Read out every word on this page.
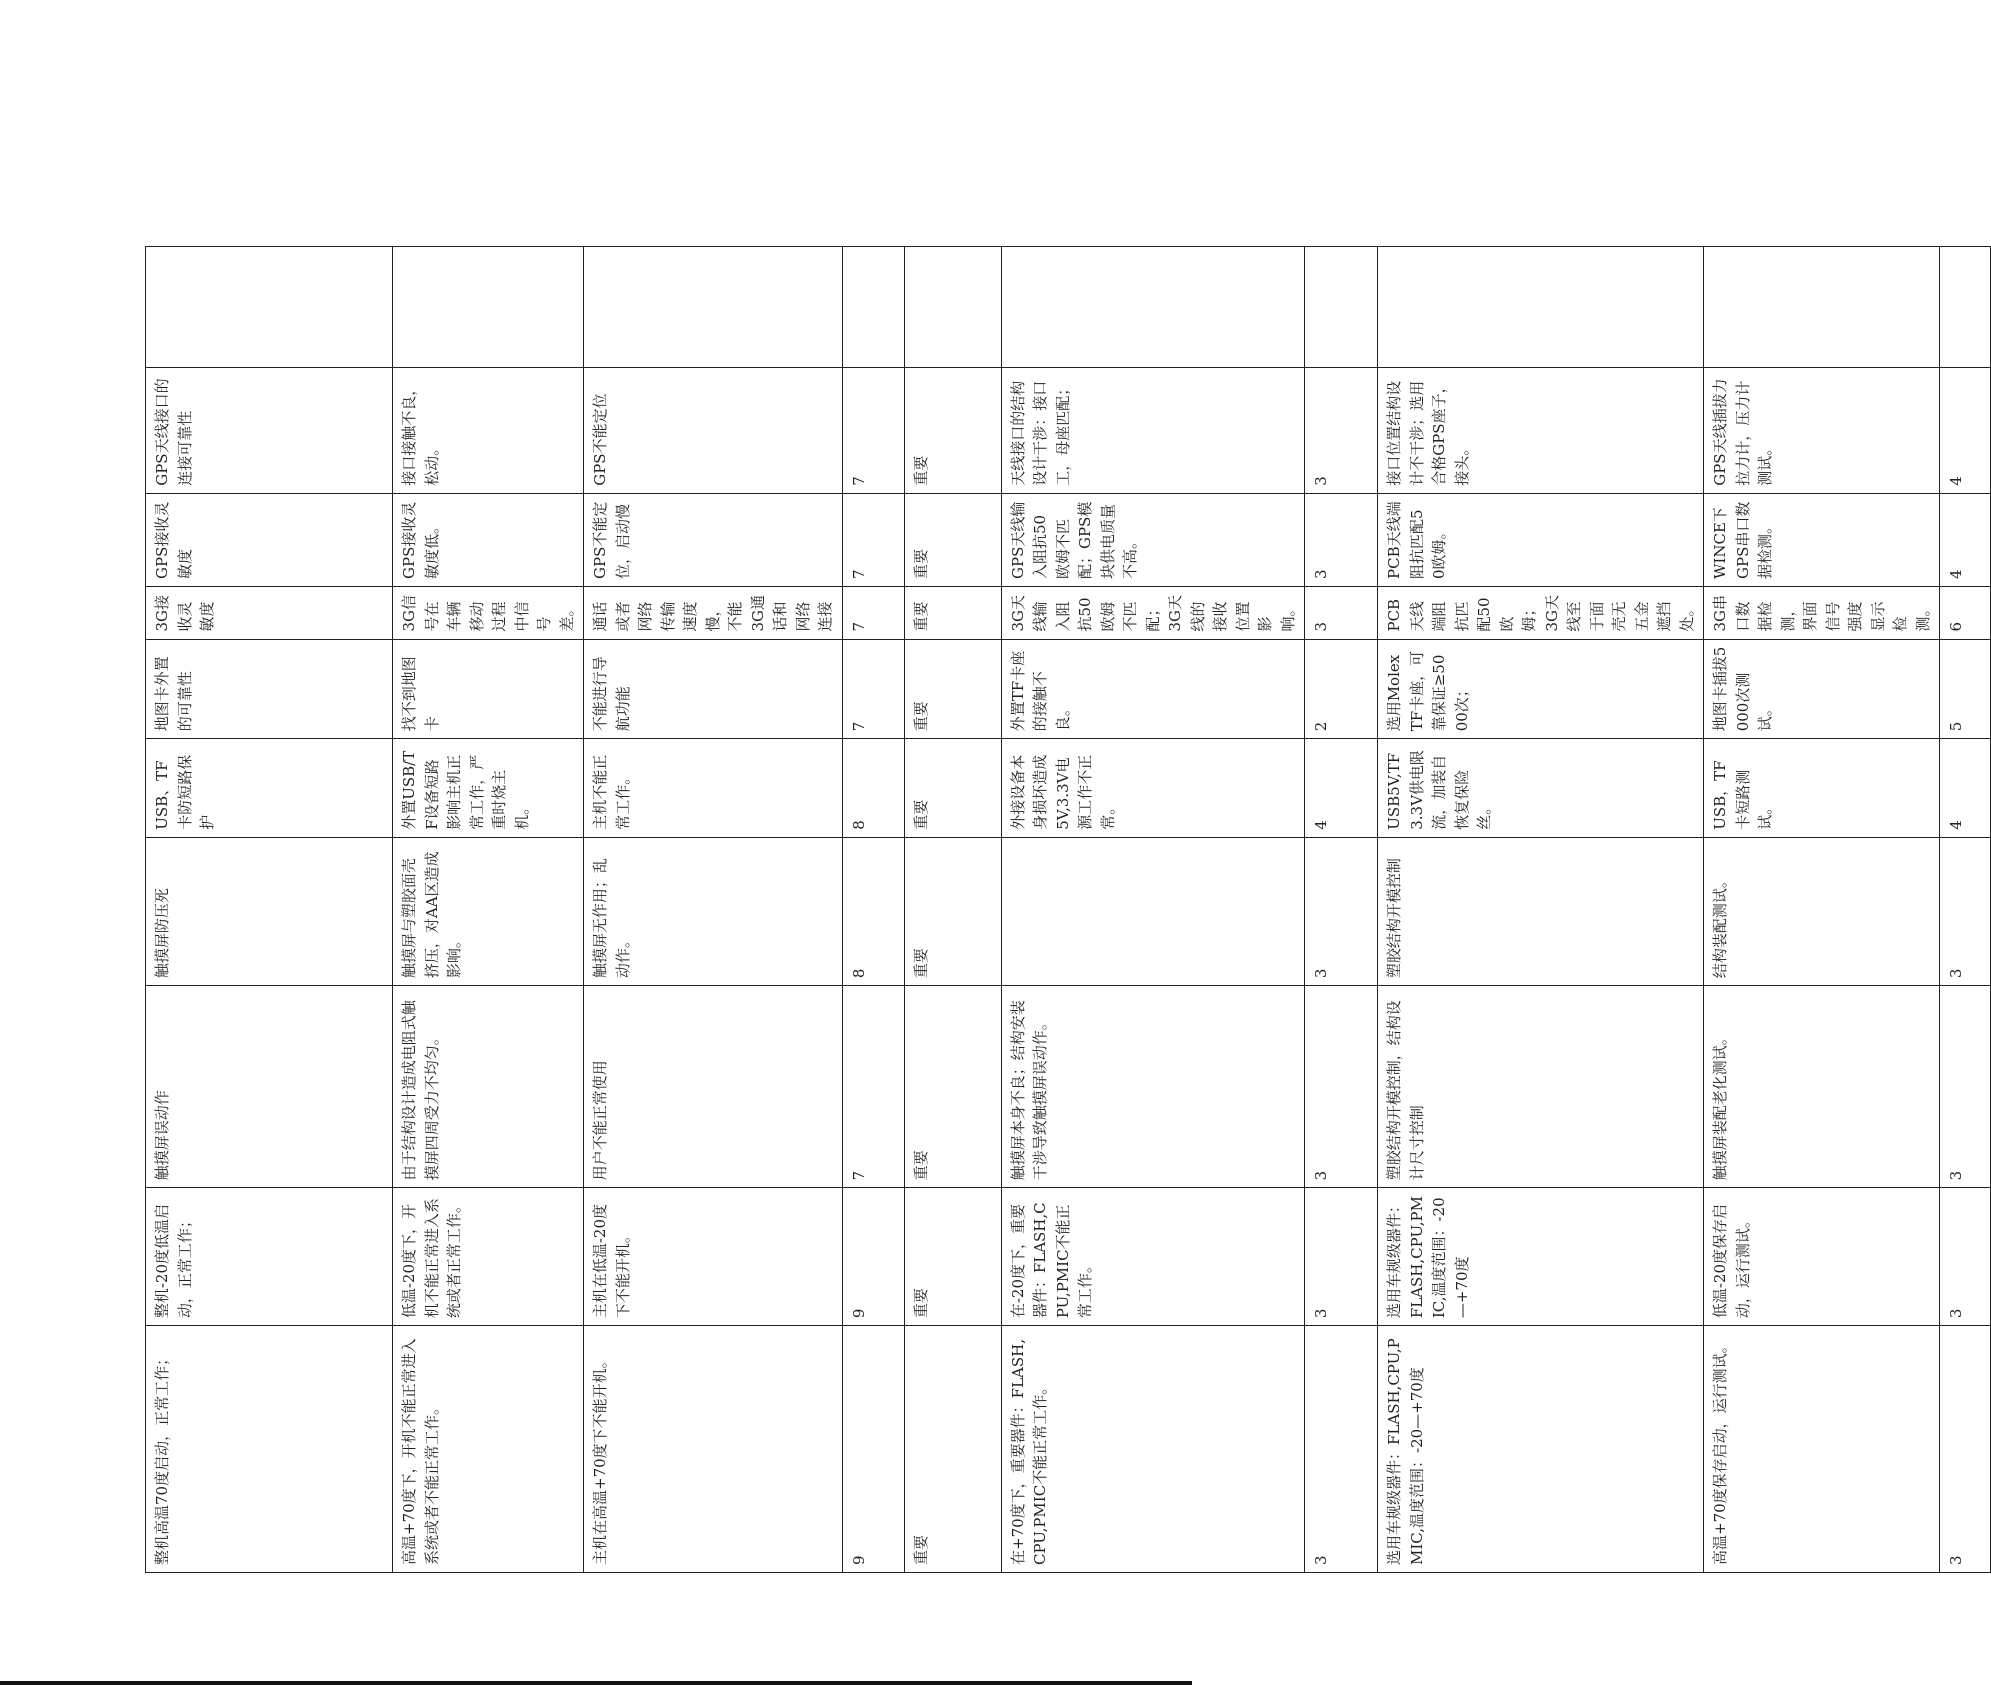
整机高温70度启动，正常工作；	整机-20度低温启动，正常工作；	触摸屏误动作	触摸屏防压死	USB、TF卡防短路保护	地图卡外置的可靠性	3G接收灵敏度	GPS接收灵敏度	GPS天线接口的连接可靠性	
高温+70度下，开机不能正常进入系统或者不能正常工作。	低温-20度下，开机不能正常进入系统或者正常工作。	由于结构设计造成电阻式触摸屏四周受力不均匀。	触摸屏与塑胶面壳挤压，对AA区造成影响。	外置USB/TF设备短路影响主机正常工作，严重时烧主机。	找不到地图卡	3G信号在车辆移动过程中信号差。	GPS接收灵敏度低。	接口接触不良，松动。	
主机在高温+70度下不能开机。	主机在低温-20度下不能开机。	用户不能正常使用	触摸屏无作用；乱动作。	主机不能正常工作。	不能进行导航功能	通话或者网络传输速度慢，不能3G通话和网络连接	GPS不能定位，启动慢	GPS不能定位	
9	9	7	8	8	7	7	7	7	
重要	重要	重要	重要	重要	重要	重要	重要	重要	
在+70度下，重要器件：FLASH,CPU,PMIC不能正常工作。	在-20度下，重要器件：FLASH,CPU,PMIC不能正常工作。	触摸屏本身不良；结构安装干涉导致触摸屏误动作。		外接设备本身损坏造成5V,3.3V电源工作不正常。	外置TF卡座的接触不良。	3G天线输入阻抗50欧姆不匹配；3G天线的接收位置影响。	GPS天线输入阻抗50欧姆不匹配；GPS模块供电质量不高。	天线接口的结构设计干涉：接口工，母座匹配；	
3	3	3	3	4	2	3	3	3	
选用车规级器件：FLASH,CPU,PMIC,温度范围：-20—+70度	选用车规级器件：FLASH,CPU,PMIC,温度范围：-20—+70度	塑胶结构开模控制，结构设计尺寸控制	塑胶结构开模控制	USB5V,TF3.3V供电限流，加装自恢复保险丝。	选用Molex TF卡座，可靠保证≥5000次；	PCB天线端阻抗匹配50欧姆；3G天线至于面壳无五金遮挡处。	PCB天线端阻抗匹配50欧姆。	接口位置结构设计不干涉；选用合格GPS座子，接头。	
高温+70度保存启动，运行测试。	低温-20度保存启动，运行测试。	触摸屏装配老化测试。	结构装配测试。	USB，TF卡短路测试。	地图卡插拔5000次测试。	3G串口数据检测，界面信号强度显示检测。	WINCE下GPS串口数据检测。	GPS天线插拔力拉力计，压力计测试。	
3	3	3	3	4	5	6	4	4	
